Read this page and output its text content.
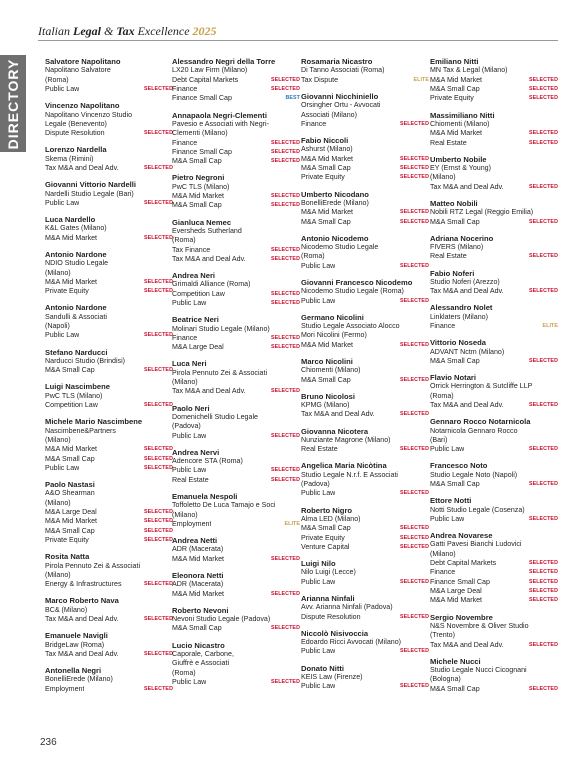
DIRECTORY
Italian Legal & Tax Excellence 2025
Salvatore Napolitano
Napolitano Salvatore
(Roma)
Public Law	SELECTED
Vincenzo Napolitano
Napolitano Vincenzo Studio
Legale (Benevento)
Dispute Resolution	SELECTED
Lorenzo Nardella
Skema (Rimini)
Tax M&A and Deal Adv.	SELECTED
Giovanni Vittorio Nardelli
Nardelli Studio Legale (Bari)
Public Law	SELECTED
Luca Nardello
K&L Gates (Milano)
M&A Mid Market	SELECTED
Antonio Nardone
NDIO Studio Legale
(Milano)
M&A Mid Market	SELECTED
Private Equity	SELECTED
Antonio Nardone
Sandulli & Associati
(Napoli)
Public Law	SELECTED
Stefano Narducci
Narducci Studio (Brindisi)
M&A Small Cap	SELECTED
Luigi Nascimbene
PwC TLS (Milano)
Competition Law	SELECTED
Michele Mario Nascimbene
Nascimbene&Partners
(Milano)
M&A Mid Market	SELECTED
M&A Small Cap	SELECTED
Public Law	SELECTED
Paolo Nastasi
A&O Shearman
(Milano)
M&A Large Deal	SELECTED
M&A Mid Market	SELECTED
M&A Small Cap	SELECTED
Private Equity	SELECTED
Rosita Natta
Pirola Pennuto Zei & Associati
(Milano)
Energy & Infrastructures	SELECTED
Marco Roberto Nava
BC& (Milano)
Tax M&A and Deal Adv.	SELECTED
Emanuele Navigli
BridgeLaw (Roma)
Tax M&A and Deal Adv.	SELECTED
Antonella Negri
BonelliErede (Milano)
Employment	SELECTED
Alessandro Negri della Torre
LX20 Law Firm (Milano)
Debt Capital Markets	SELECTED
Finance	SELECTED
Finance Small Cap	BEST
Annapaola Negri-Clementi
Pavesio e Associati with Negri-
Clementi (Milano)
Finance	SELECTED
Finance Small Cap	SELECTED
M&A Small Cap	SELECTED
Pietro Negroni
PwC TLS (Milano)
M&A Mid Market	SELECTED
M&A Small Cap	SELECTED
Gianluca Nemec
Eversheds Sutherland
(Roma)
Tax Finance	SELECTED
Tax M&A and Deal Adv.	SELECTED
Andrea Neri
Grimaldi Alliance (Roma)
Competition Law	SELECTED
Public Law	SELECTED
Beatrice Neri
Molinari Studio Legale (Milano)
Finance	SELECTED
M&A Large Deal	SELECTED
Luca Neri
Pirola Pennuto Zei & Associati
(Milano)
Tax M&A and Deal Adv.	SELECTED
Paolo Neri
Domenichelli Studio Legale
(Padova)
Public Law	SELECTED
Andrea Nervi
Adencore STA (Roma)
Public Law	SELECTED
Real Estate	SELECTED
Emanuela Nespoli
Toffoletto De Luca Tamajo e Soci
(Milano)
Employment	ELITE
Andrea Netti
ADR (Macerata)
M&A Mid Market	SELECTED
Eleonora Netti
ADR (Macerata)
M&A Mid Market	SELECTED
Roberto Nevoni
Nevoni Studio Legale (Padova)
M&A Small Cap	SELECTED
Lucio Nicastro
Caporale, Carbone,
Giuffrè e Associati
(Roma)
Public Law	SELECTED
Rosamaria Nicastro
Di Tanno Associati (Roma)
Tax Dispute	ELITE
Giovanni Nicchiniello
Orsingher Ortu - Avvocati
Associati (Milano)
Finance	SELECTED
Fabio Niccoli
Ashurst (Milano)
M&A Mid Market	SELECTED
M&A Small Cap	SELECTED
Private Equity	SELECTED
Umberto Nicodano
BonelliErede (Milano)
M&A Mid Market	SELECTED
M&A Small Cap	SELECTED
Antonio Nicodemo
Nicodemo Studio Legale
(Roma)
Public Law	SELECTED
Giovanni Francesco Nicodemo
Nicodemo Studio Legale (Roma)
Public Law	SELECTED
Germano Nicolini
Studio Legale Associato Alocco
Mori Nicolini (Fermo)
M&A Mid Market	SELECTED
Marco Nicolini
Chiomenti (Milano)
M&A Small Cap	SELECTED
Bruno Nicolosi
KPMG (Milano)
Tax M&A and Deal Adv.	SELECTED
Giovanna Nicotera
Nunziante Magrone (Milano)
Real Estate	SELECTED
Angelica Maria Nicòtina
Studio Legale N.r.f. E Associati
(Padova)
Public Law	SELECTED
Roberto Nigro
Alma LED (Milano)
M&A Small Cap	SELECTED
Private Equity	SELECTED
Venture Capital	SELECTED
Luigi Nilo
Nilo Luigi (Lecce)
Public Law	SELECTED
Arianna Ninfali
Avv. Arianna Ninfali (Padova)
Dispute Resolution	SELECTED
Niccolò Nisivoccia
Edoardo Ricci Avvocati (Milano)
Public Law	SELECTED
Donato Nitti
KEIS Law (Firenze)
Public Law	SELECTED
Emiliano Nitti
MN Tax & Legal (Milano)
M&A Mid Market	SELECTED
M&A Small Cap	SELECTED
Private Equity	SELECTED
Massimiliano Nitti
Chiomenti (Milano)
M&A Mid Market	SELECTED
Real Estate	SELECTED
Umberto Nobile
EY (Ernst & Young)
(Milano)
Tax M&A and Deal Adv.	SELECTED
Matteo Nobili
Nobili RTZ Legal (Reggio Emilia)
M&A Small Cap	SELECTED
Adriana Nocerino
FIVERS (Milano)
Real Estate	SELECTED
Fabio Noferi
Studio Noferi (Arezzo)
Tax M&A and Deal Adv.	SELECTED
Alessandro Nolet
Linklaters (Milano)
Finance	ELITE
Vittorio Noseda
ADVANT Nctm (Milano)
M&A Small Cap	SELECTED
Flavio Notari
Orrick Herrington & Sutcliffe LLP
(Roma)
Tax M&A and Deal Adv.	SELECTED
Gennaro Rocco Notarnicola
Notarnicola Gennaro Rocco
(Bari)
Public Law	SELECTED
Francesco Noto
Studio Legale Noto (Napoli)
M&A Small Cap	SELECTED
Ettore Notti
Notti Studio Legale (Cosenza)
Public Law	SELECTED
Andrea Novarese
Gatti Pavesi Bianchi Ludovici
(Milano)
Debt Capital Markets	SELECTED
Finance	SELECTED
Finance Small Cap	SELECTED
M&A Large Deal	SELECTED
M&A Mid Market	SELECTED
Sergio Novembre
N&S Novembre & Oliver Studio
(Trento)
Tax M&A and Deal Adv.	SELECTED
Michele Nucci
Studio Legale Nucci Cicognani
(Bologna)
M&A Small Cap	SELECTED
236
